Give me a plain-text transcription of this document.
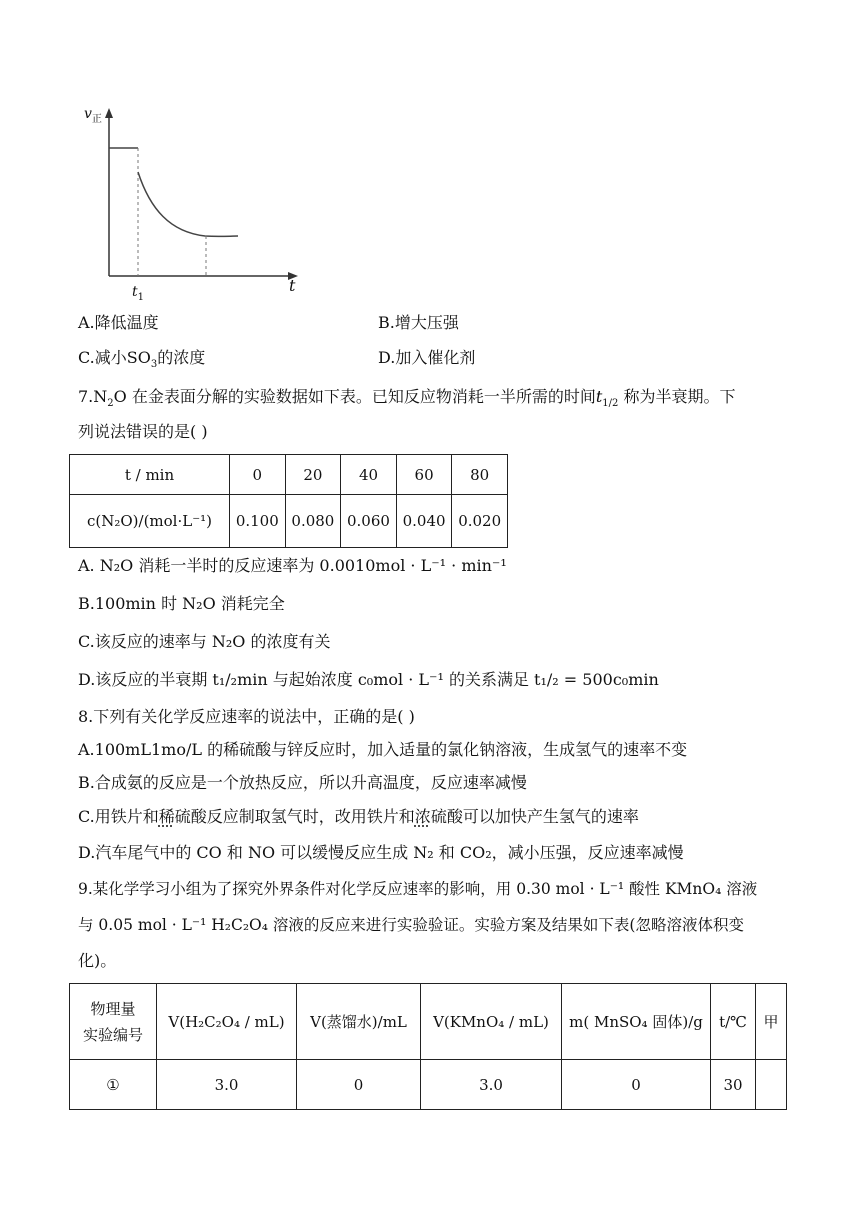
$v_正$
t
$t_1$
A.降低温度	B.增大压强
C.减小$SO_3$的浓度	D.加入催化剂
$7.N_2O$ 在金表面分解的实验数据如下表。已知反应物消耗一半所需的时间$t_{1/2}$ 称为半衰期。下
列说法错误的是( )
t / min	0	20	40	60	80
c(N₂O)/(mol·L⁻¹)	0.100	0.080	0.060	0.040	0.020
A. N₂O 消耗一半时的反应速率为 0.0010mol · L⁻¹ · min⁻¹
B.100min 时 N₂O 消耗完全
C.该反应的速率与 N₂O 的浓度有关
D.该反应的半衰期 t₁/₂min 与起始浓度 c₀mol · L⁻¹ 的关系满足 t₁/₂ = 500c₀min
8.下列有关化学反应速率的说法中，正确的是( )
A.100mL1mo/L 的稀硫酸与锌反应时，加入适量的氯化钠溶液，生成氢气的速率不变
B.合成氨的反应是一个放热反应，所以升高温度，反应速率减慢
C.用铁片和稀硫酸反应制取氢气时，改用铁片和浓硫酸可以加快产生氢气的速率
D.汽车尾气中的 CO 和 NO 可以缓慢反应生成 N₂ 和 CO₂，减小压强，反应速率减慢
9.某化学学习小组为了探究外界条件对化学反应速率的影响，用 0.30 mol · L⁻¹ 酸性 KMnO₄ 溶液
与 0.05 mol · L⁻¹ H₂C₂O₄ 溶液的反应来进行实验验证。实验方案及结果如下表(忽略溶液体积变
化)。
物理量
实验编号	V(H₂C₂O₄ / mL)	V(蒸馏水)/mL	V(KMnO₄ / mL)	m( MnSO₄ 固体)/g	t/℃	甲
①	3.0	0	3.0	0	30	
